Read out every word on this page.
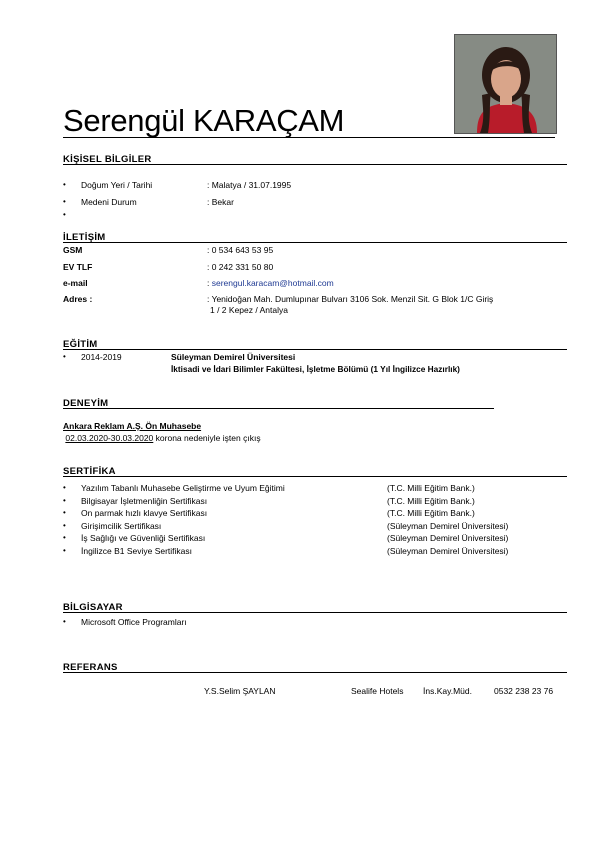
Serengül KARAÇAM
KİŞİSEL BİLGİLER
• Doğum Yeri / Tarihi	: Malatya / 31.07.1995
• Medeni Durum	: Bekar
•
İLETİŞİM
GSM	: 0 534 643 53 95
EV TLF	: 0 242 331 50 80
e-mail	: serengul.karacam@hotmail.com
Adres :	: Yenidoğan Mah. Dumlupınar Bulvarı 3106 Sok. Menzil Sit. G Blok 1/C Giriş
1 / 2 Kepez / Antalya
EĞİTİM
• 2014-2019	Süleyman Demirel Üniversitesi
İktisadi ve İdari Bilimler Fakültesi, İşletme Bölümü (1 Yıl İngilizce Hazırlık)
DENEYİM
Ankara Reklam A.Ş. Ön Muhasebe
02.03.2020-30.03.2020 korona nedeniyle işten çıkış
SERTİFİKA
• Yazılım Tabanlı Muhasebe Geliştirme ve Uyum Eğitimi	(T.C. Milli Eğitim Bank.)
• Bilgisayar İşletmenliğin Sertifikası	(T.C. Milli Eğitim Bank.)
• On parmak hızlı klavye Sertifikası	(T.C. Milli Eğitim Bank.)
• Girişimcilik Sertifikası	(Süleyman Demirel Üniversitesi)
• İş Sağlığı ve Güvenliği Sertifikası	(Süleyman Demirel Üniversitesi)
• İngilizce B1 Seviye Sertifikası	(Süleyman Demirel Üniversitesi)
BİLGİSAYAR
• Microsoft Office Programları
REFERANS
Y.S.Selim ŞAYLAN	Sealife Hotels İns.Kay.Müd.	0532 238 23 76
